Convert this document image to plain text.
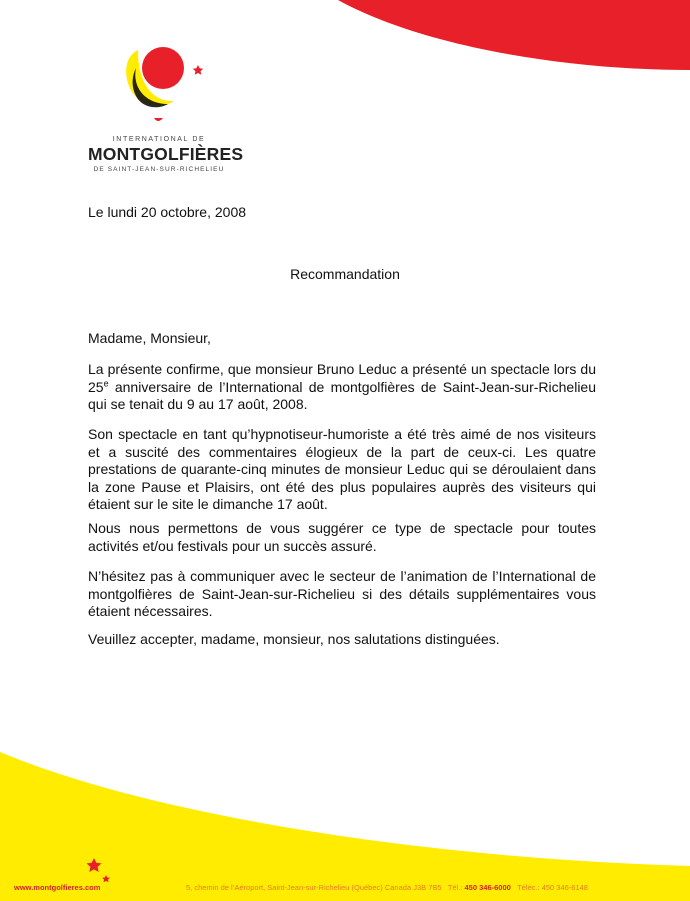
INTERNATIONAL DE
MONTGOLFIÈRES
DE SAINT-JEAN-SUR-RICHELIEU
Le lundi 20 octobre, 2008
Recommandation
Madame, Monsieur,

La présente confirme, que monsieur Bruno Leduc a présenté un spectacle lors du 25e anniversaire de l’International de montgolfières de Saint-Jean-sur-Richelieu qui se tenait du 9 au 17 août, 2008.

Son spectacle en tant qu’hypnotiseur-humoriste a été très aimé de nos visiteurs et a suscité des commentaires élogieux de la part de ceux-ci. Les quatre prestations de quarante-cinq minutes de monsieur Leduc qui se déroulaient dans la zone Pause et Plaisirs, ont été des plus populaires auprès des visiteurs qui étaient sur le site le dimanche 17 août.

Nous nous permettons de vous suggérer ce type de spectacle pour toutes activités et/ou festivals pour un succès assuré.

N’hésitez pas à communiquer avec le secteur de l’animation de l’International de montgolfières de Saint-Jean-sur-Richelieu si des détails supplémentaires vous étaient nécessaires.

Veuillez accepter, madame, monsieur, nos salutations distinguées.

www.montgolfieres.com	5, chemin de l’Aéroport, Saint-Jean-sur-Richelieu (Québec) Canada J3B 7B5 Tél.: 450 346-6000 Téléc.: 450 346-6148
